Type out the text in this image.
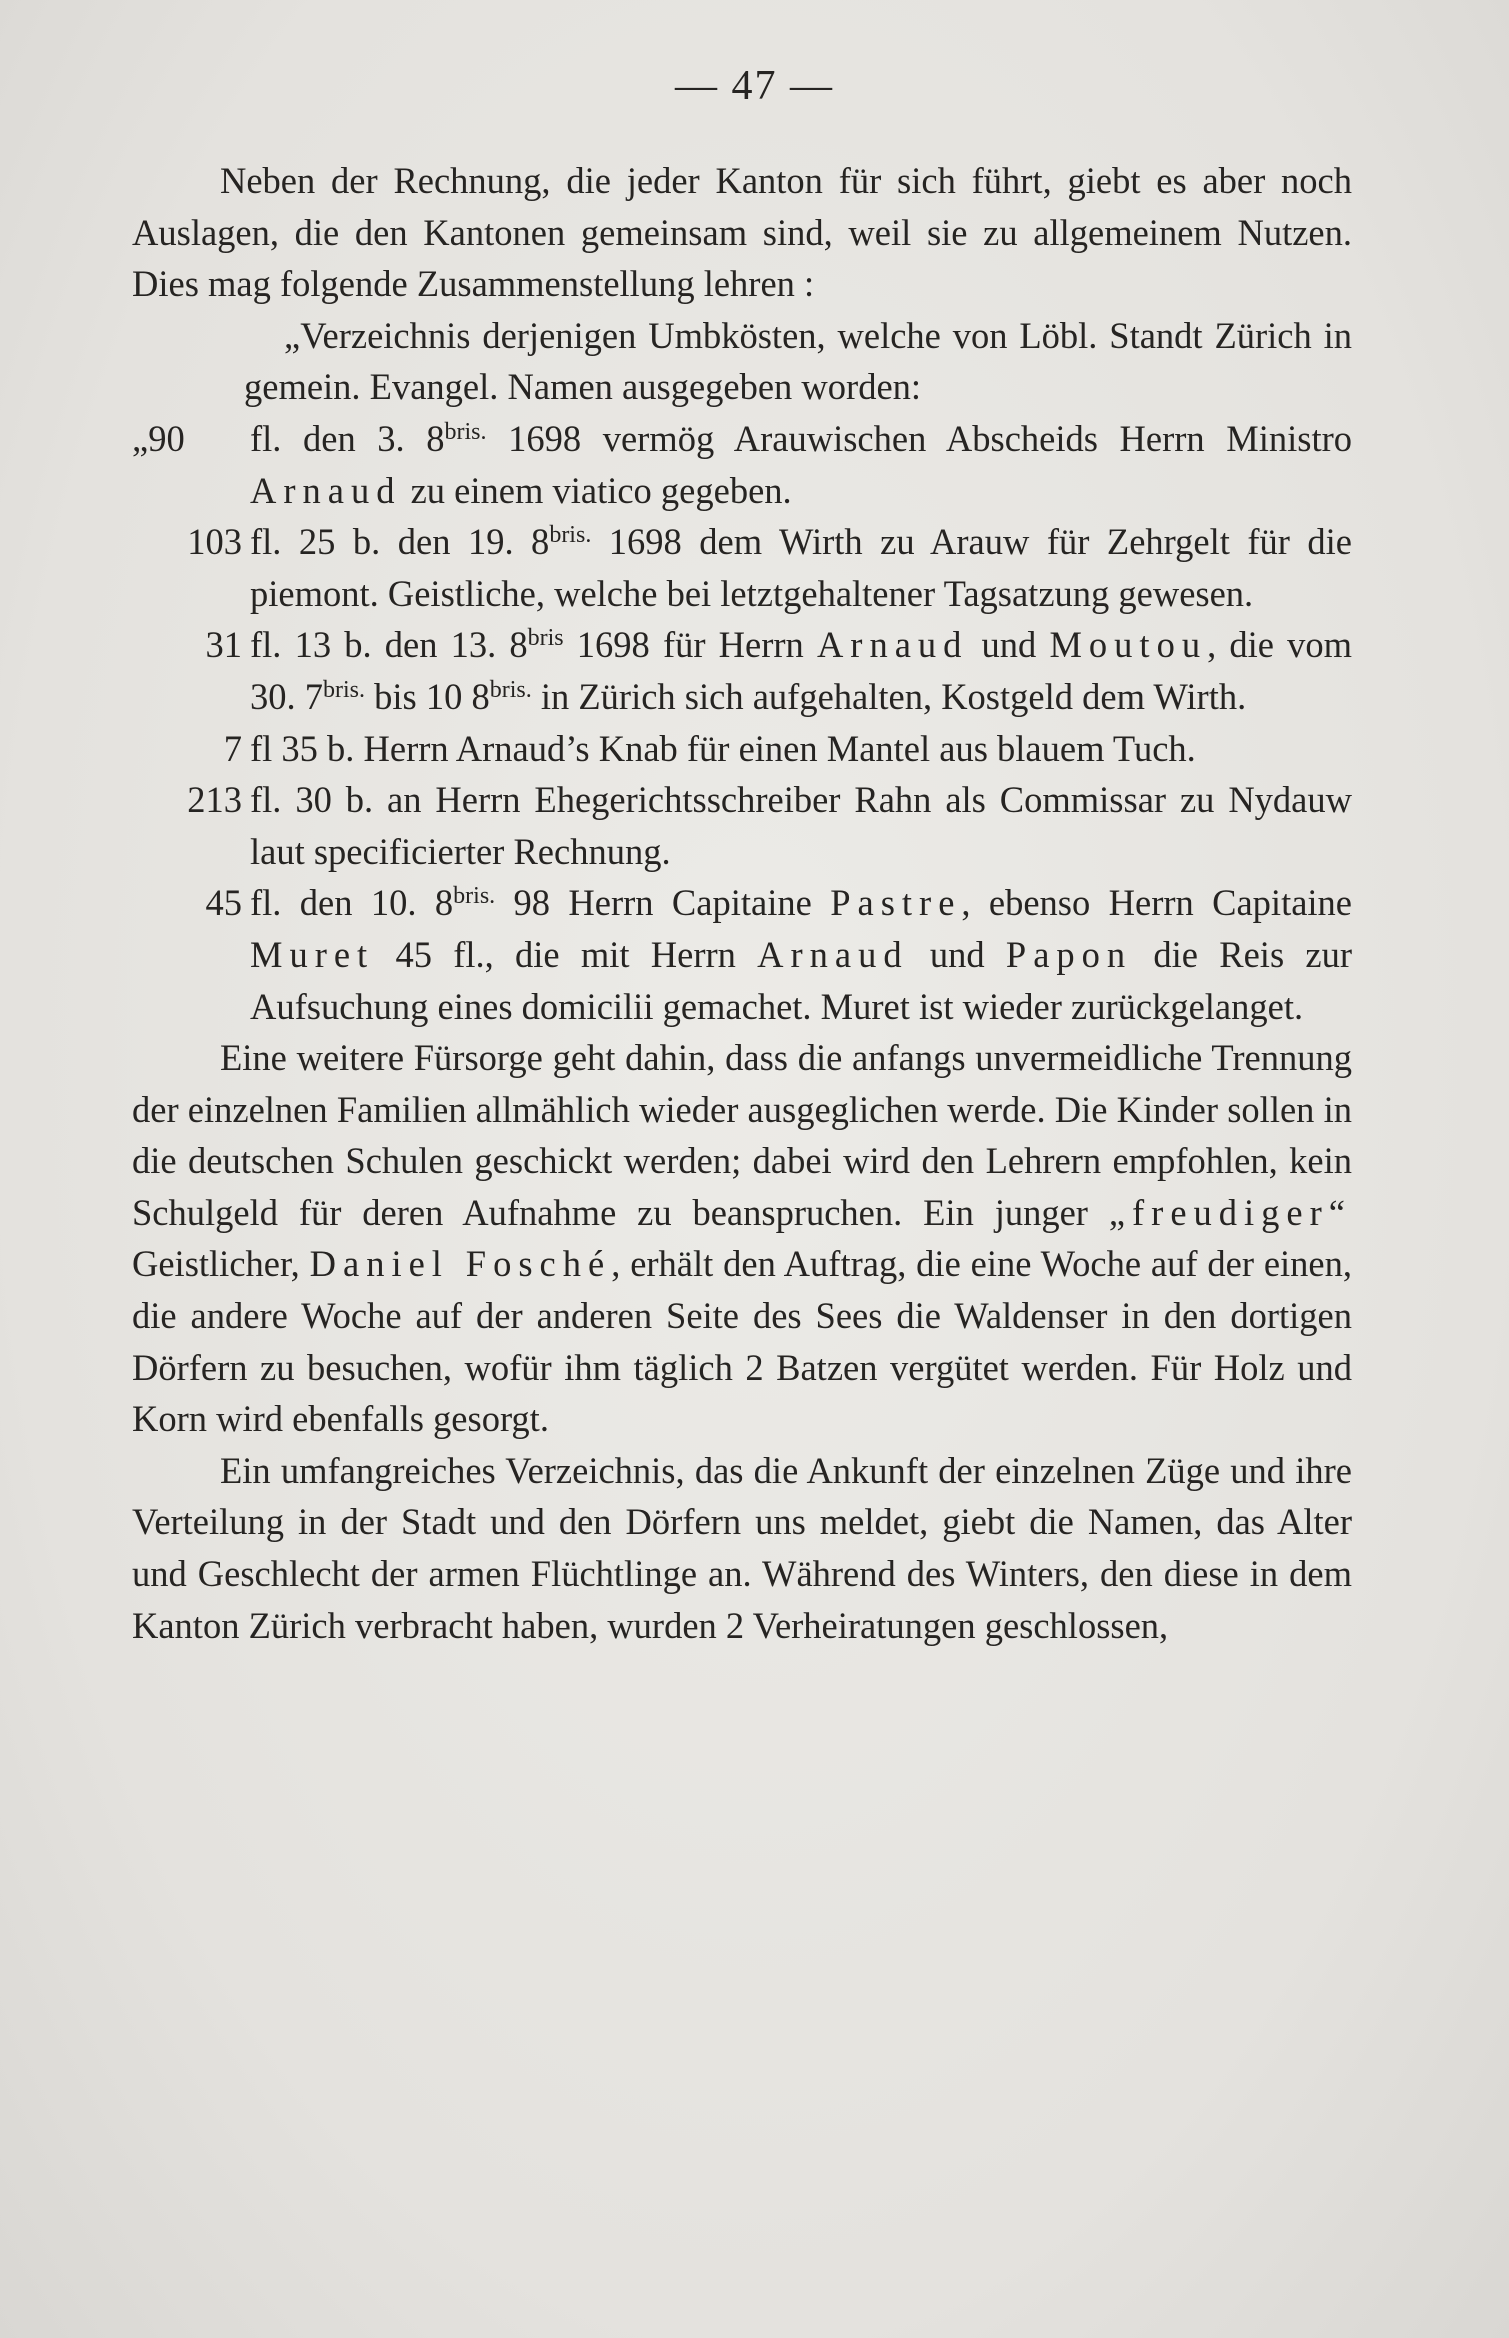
— 47 —

Neben der Rechnung, die jeder Kanton für sich führt, giebt es aber noch Auslagen, die den Kantonen gemeinsam sind, weil sie zu allgemeinem Nutzen. Dies mag folgende Zusammenstellung lehren :

„Verzeichnis derjenigen Umbkösten, welche von Löbl. Standt Zürich in gemein. Evangel. Namen ausgegeben worden:

„90	fl. den 3. $8^{bris.}$ 1698 vermög Arauwischen Abscheids Herrn Ministro Arnaud zu einem viatico gegeben.

103 fl. 25 b. den 19. $8^{bris.}$ 1698 dem Wirth zu Arauw für Zehrgelt für die piemont. Geistliche, welche bei letztgehaltener Tagsatzung gewesen.

31 fl. 13 b. den 13. $8^{bris}$ 1698 für Herrn Arnaud und Moutou, die vom 30. $7^{bris.}$ bis 10 $8^{bris.}$ in Zürich sich aufgehalten, Kostgeld dem Wirth.

7 fl 35 b. Herrn Arnaud’s Knab für einen Mantel aus blauem Tuch.

213 fl. 30 b. an Herrn Ehegerichtsschreiber Rahn als Commissar zu Nydauw laut specificierter Rechnung.

45 fl. den 10. $8^{bris.}$ 98 Herrn Capitaine Pastre, ebenso Herrn Capitaine Muret 45 fl., die mit Herrn Arnaud und Papon die Reis zur Aufsuchung eines domicilii gemachet. Muret ist wieder zurückgelanget.

Eine weitere Fürsorge geht dahin, dass die anfangs unvermeidliche Trennung der einzelnen Familien allmählich wieder ausgeglichen werde. Die Kinder sollen in die deutschen Schulen geschickt werden; dabei wird den Lehrern empfohlen, kein Schulgeld für deren Aufnahme zu beanspruchen. Ein junger „freudiger“ Geistlicher, Daniel Fosché, erhält den Auftrag, die eine Woche auf der einen, die andere Woche auf der anderen Seite des Sees die Waldenser in den dortigen Dörfern zu besuchen, wofür ihm täglich 2 Batzen vergütet werden. Für Holz und Korn wird ebenfalls gesorgt.

Ein umfangreiches Verzeichnis, das die Ankunft der einzelnen Züge und ihre Verteilung in der Stadt und den Dörfern uns meldet, giebt die Namen, das Alter und Geschlecht der armen Flüchtlinge an. Während des Winters, den diese in dem Kanton Zürich verbracht haben, wurden 2 Verheiratungen geschlossen,
